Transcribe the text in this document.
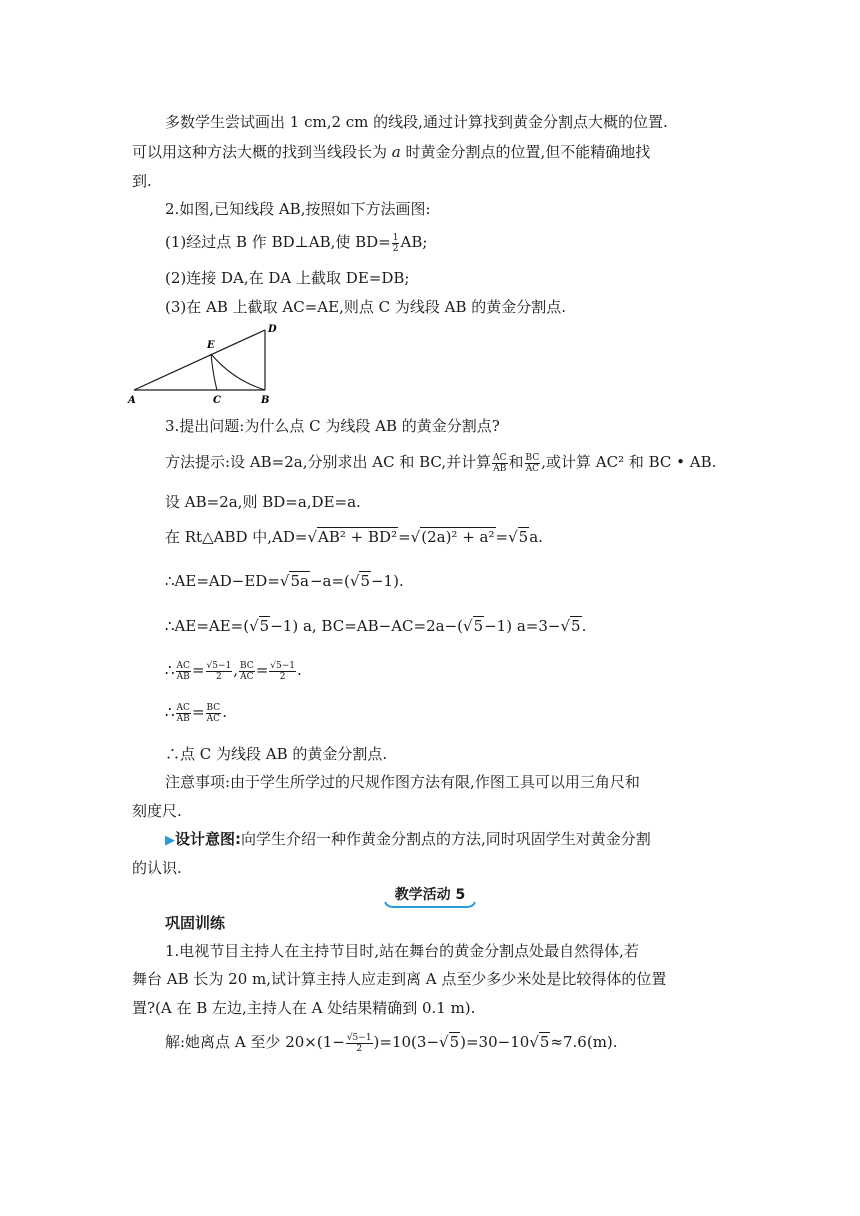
多数学生尝试画出 1 cm,2 cm 的线段,通过计算找到黄金分割点大概的位置.
可以用这种方法大概的找到当线段长为 a 时黄金分割点的位置,但不能精确地找
到.
2.如图,已知线段 AB,按照如下方法画图:
(1)经过点 B 作 BD⊥AB,使 $BD= \frac{1}{2}$ AB;
(2)连接 DA,在 DA 上截取 DE=DB;
(3)在 AB 上截取 AC=AE,则点 C 为线段 AB 的黄金分割点.
A	C	B
D
E
3.提出问题:为什么点 C 为线段 AB 的黄金分割点?
方法提示:设 AB=2a,分别求出 AC 和 BC,并计算 $\frac{AC}{AB}$ 和 $\frac{BC}{AC}$ ,或计算 AC² 和 BC • AB.
设 AB=2a,则 BD=a,DE=a.
在 Rt△ABD 中,AD=√AB² + BD²=√(2a)² + a²=√5a.
∴AE=AD−ED=√5a−a=(√5−1).
∴AE=AE=(√5−1) a, BC=AB−AC=2a−(√5−1) a=3−√5.
∴ $\frac{AC}{AB} = \frac{√5-1}{2}$ , $\frac{BC}{AC} = \frac{√5-1}{2}$ .
∴ $\frac{AC}{AB} = \frac{BC}{AC}$ .
∴点 C 为线段 AB 的黄金分割点.
注意事项:由于学生所学过的尺规作图方法有限,作图工具可以用三角尺和
刻度尺.
▶设计意图:向学生介绍一种作黄金分割点的方法,同时巩固学生对黄金分割
的认识.
教学活动 5
巩固训练
1.电视节目主持人在主持节目时,站在舞台的黄金分割点处最自然得体,若
舞台 AB 长为 20 m,试计算主持人应走到离 A 点至少多少米处是比较得体的位置
置?(A 在 B 左边,主持人在 A 处结果精确到 0.1 m).
解:她离点 A 至少 $20\times(1- \frac{√5-1}{2} )=10(3-√5)=30-10√5\approx 7.6(m)$.
